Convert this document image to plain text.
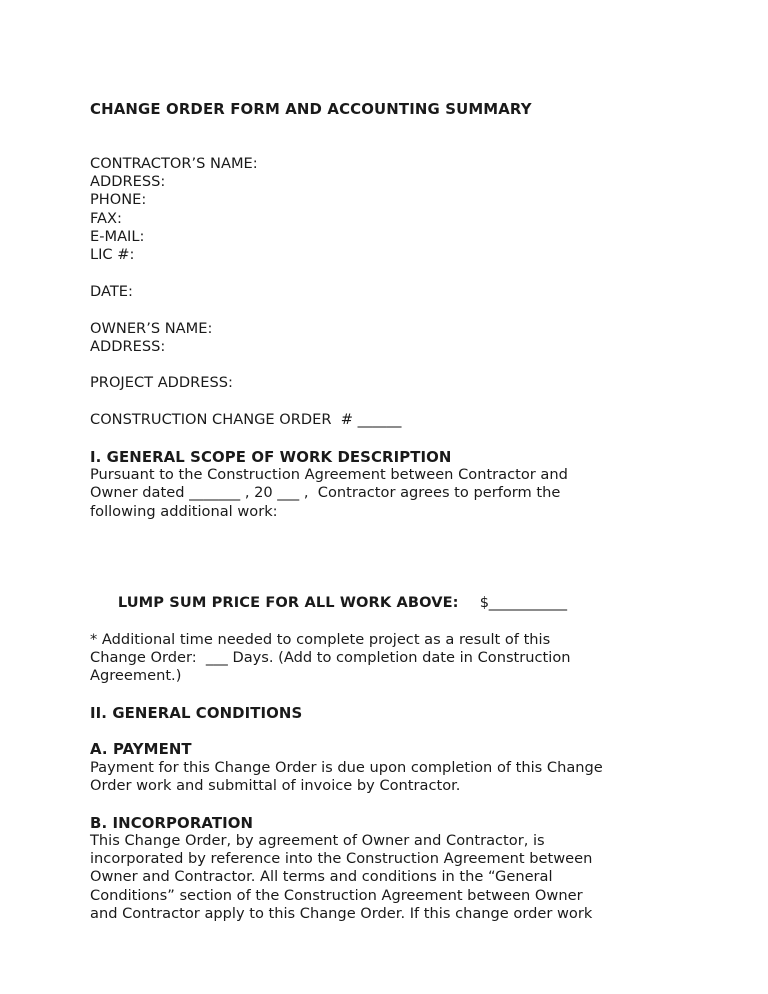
CHANGE ORDER FORM AND ACCOUNTING SUMMARY
CONTRACTOR’S NAME:
ADDRESS:
PHONE:
FAX:
E-MAIL:
LIC #:
DATE:
OWNER’S NAME:
ADDRESS:
PROJECT ADDRESS:
CONSTRUCTION CHANGE ORDER  # ______
I. GENERAL SCOPE OF WORK DESCRIPTION
Pursuant to the Construction Agreement between Contractor and
Owner dated _______ , 20 ___ ,  Contractor agrees to perform the
following additional work:

LUMP SUM PRICE FOR ALL WORK ABOVE:	$___________

* Additional time needed to complete project as a result of this
Change Order:  ___ Days. (Add to completion date in Construction
Agreement.)
II. GENERAL CONDITIONS
A. PAYMENT
Payment for this Change Order is due upon completion of this Change
Order work and submittal of invoice by Contractor.
B. INCORPORATION
This Change Order, by agreement of Owner and Contractor, is
incorporated by reference into the Construction Agreement between
Owner and Contractor. All terms and conditions in the “General
Conditions” section of the Construction Agreement between Owner
and Contractor apply to this Change Order. If this change order work
